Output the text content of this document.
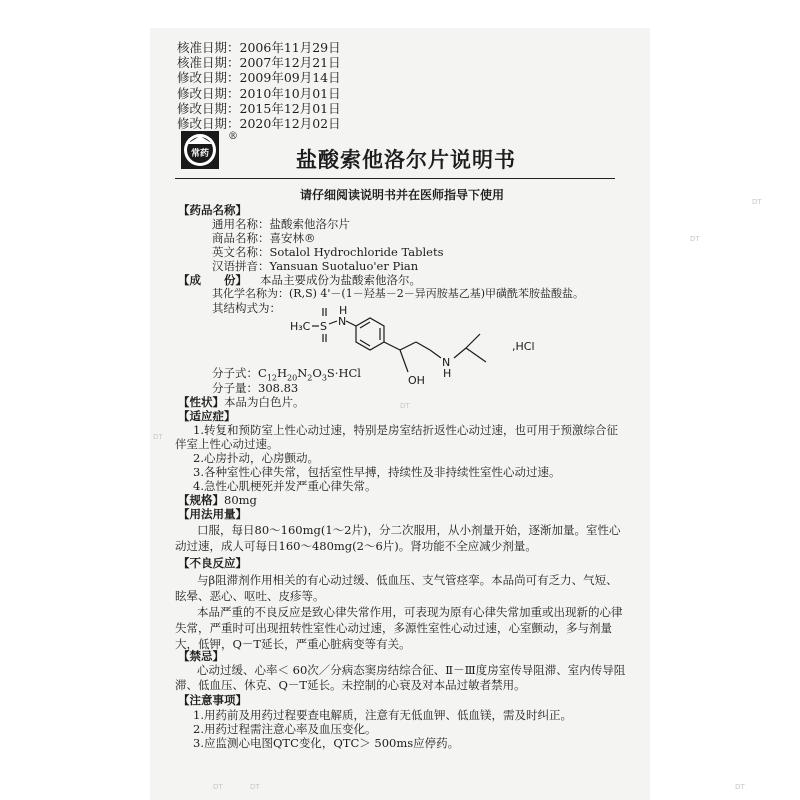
DT
DT
DT
DT
DT	DT	DT
核准日期：2006年11月29日
核准日期：2007年12月21日
修改日期：2009年09月14日
修改日期：2010年10月01日
修改日期：2015年12月01日
修改日期：2020年12月02日
常药
®
盐酸索他洛尔片说明书
请仔细阅读说明书并在医师指导下使用
【药品名称】
通用名称：盐酸索他洛尔片
商品名称：喜安林®
英文名称：Sotalol Hydrochloride Tablets
汉语拼音：Yansuan Suotaluo'er Pian
【成　　份】 本品主要成份为盐酸索他洛尔。
其化学名称为：(R,S) 4'－(1－羟基－2－异丙胺基乙基)甲磺酰苯胺盐酸盐。
其结构式为：
H₃C S N
H
N
H
OH
,HCl
分子式：$C_{12}H_{20}N_2O_3S\cdot HCl$
分子量：308.83
【性状】本品为白色片。
【适应症】
1.转复和预防室上性心动过速，特别是房室结折返性心动过速，也可用于预激综合征伴室上性心动过速。
2.心房扑动，心房颤动。
3.各种室性心律失常，包括室性早搏，持续性及非持续性室性心动过速。
4.急性心肌梗死并发严重心律失常。
【规格】80mg
【用法用量】
口服，每日80～160mg(1～2片)，分二次服用，从小剂量开始，逐渐加量。室性心动过速，成人可每日160～480mg(2～6片)。肾功能不全应减少剂量。
【不良反应】
与β阻滞剂作用相关的有心动过缓、低血压、支气管痉挛。本品尚可有乏力、气短、眩晕、恶心、呕吐、皮疹等。
本品严重的不良反应是致心律失常作用，可表现为原有心律失常加重或出现新的心律失常，严重时可出现扭转性室性心动过速，多源性室性心动过速，心室颤动，多与剂量大，低钾，Q－T延长，严重心脏病变等有关。
【禁忌】
心动过缓、心率＜ 60次／分病态窦房结综合征、Ⅱ－Ⅲ度房室传导阻滞、室内传导阻滞、低血压、休克、Q－T延长。未控制的心衰及对本品过敏者禁用。
【注意事项】
1.用药前及用药过程要查电解质，注意有无低血钾、低血镁，需及时纠正。
2.用药过程需注意心率及血压变化。
3.应监测心电图QTC变化，QTC＞ 500ms应停药。
